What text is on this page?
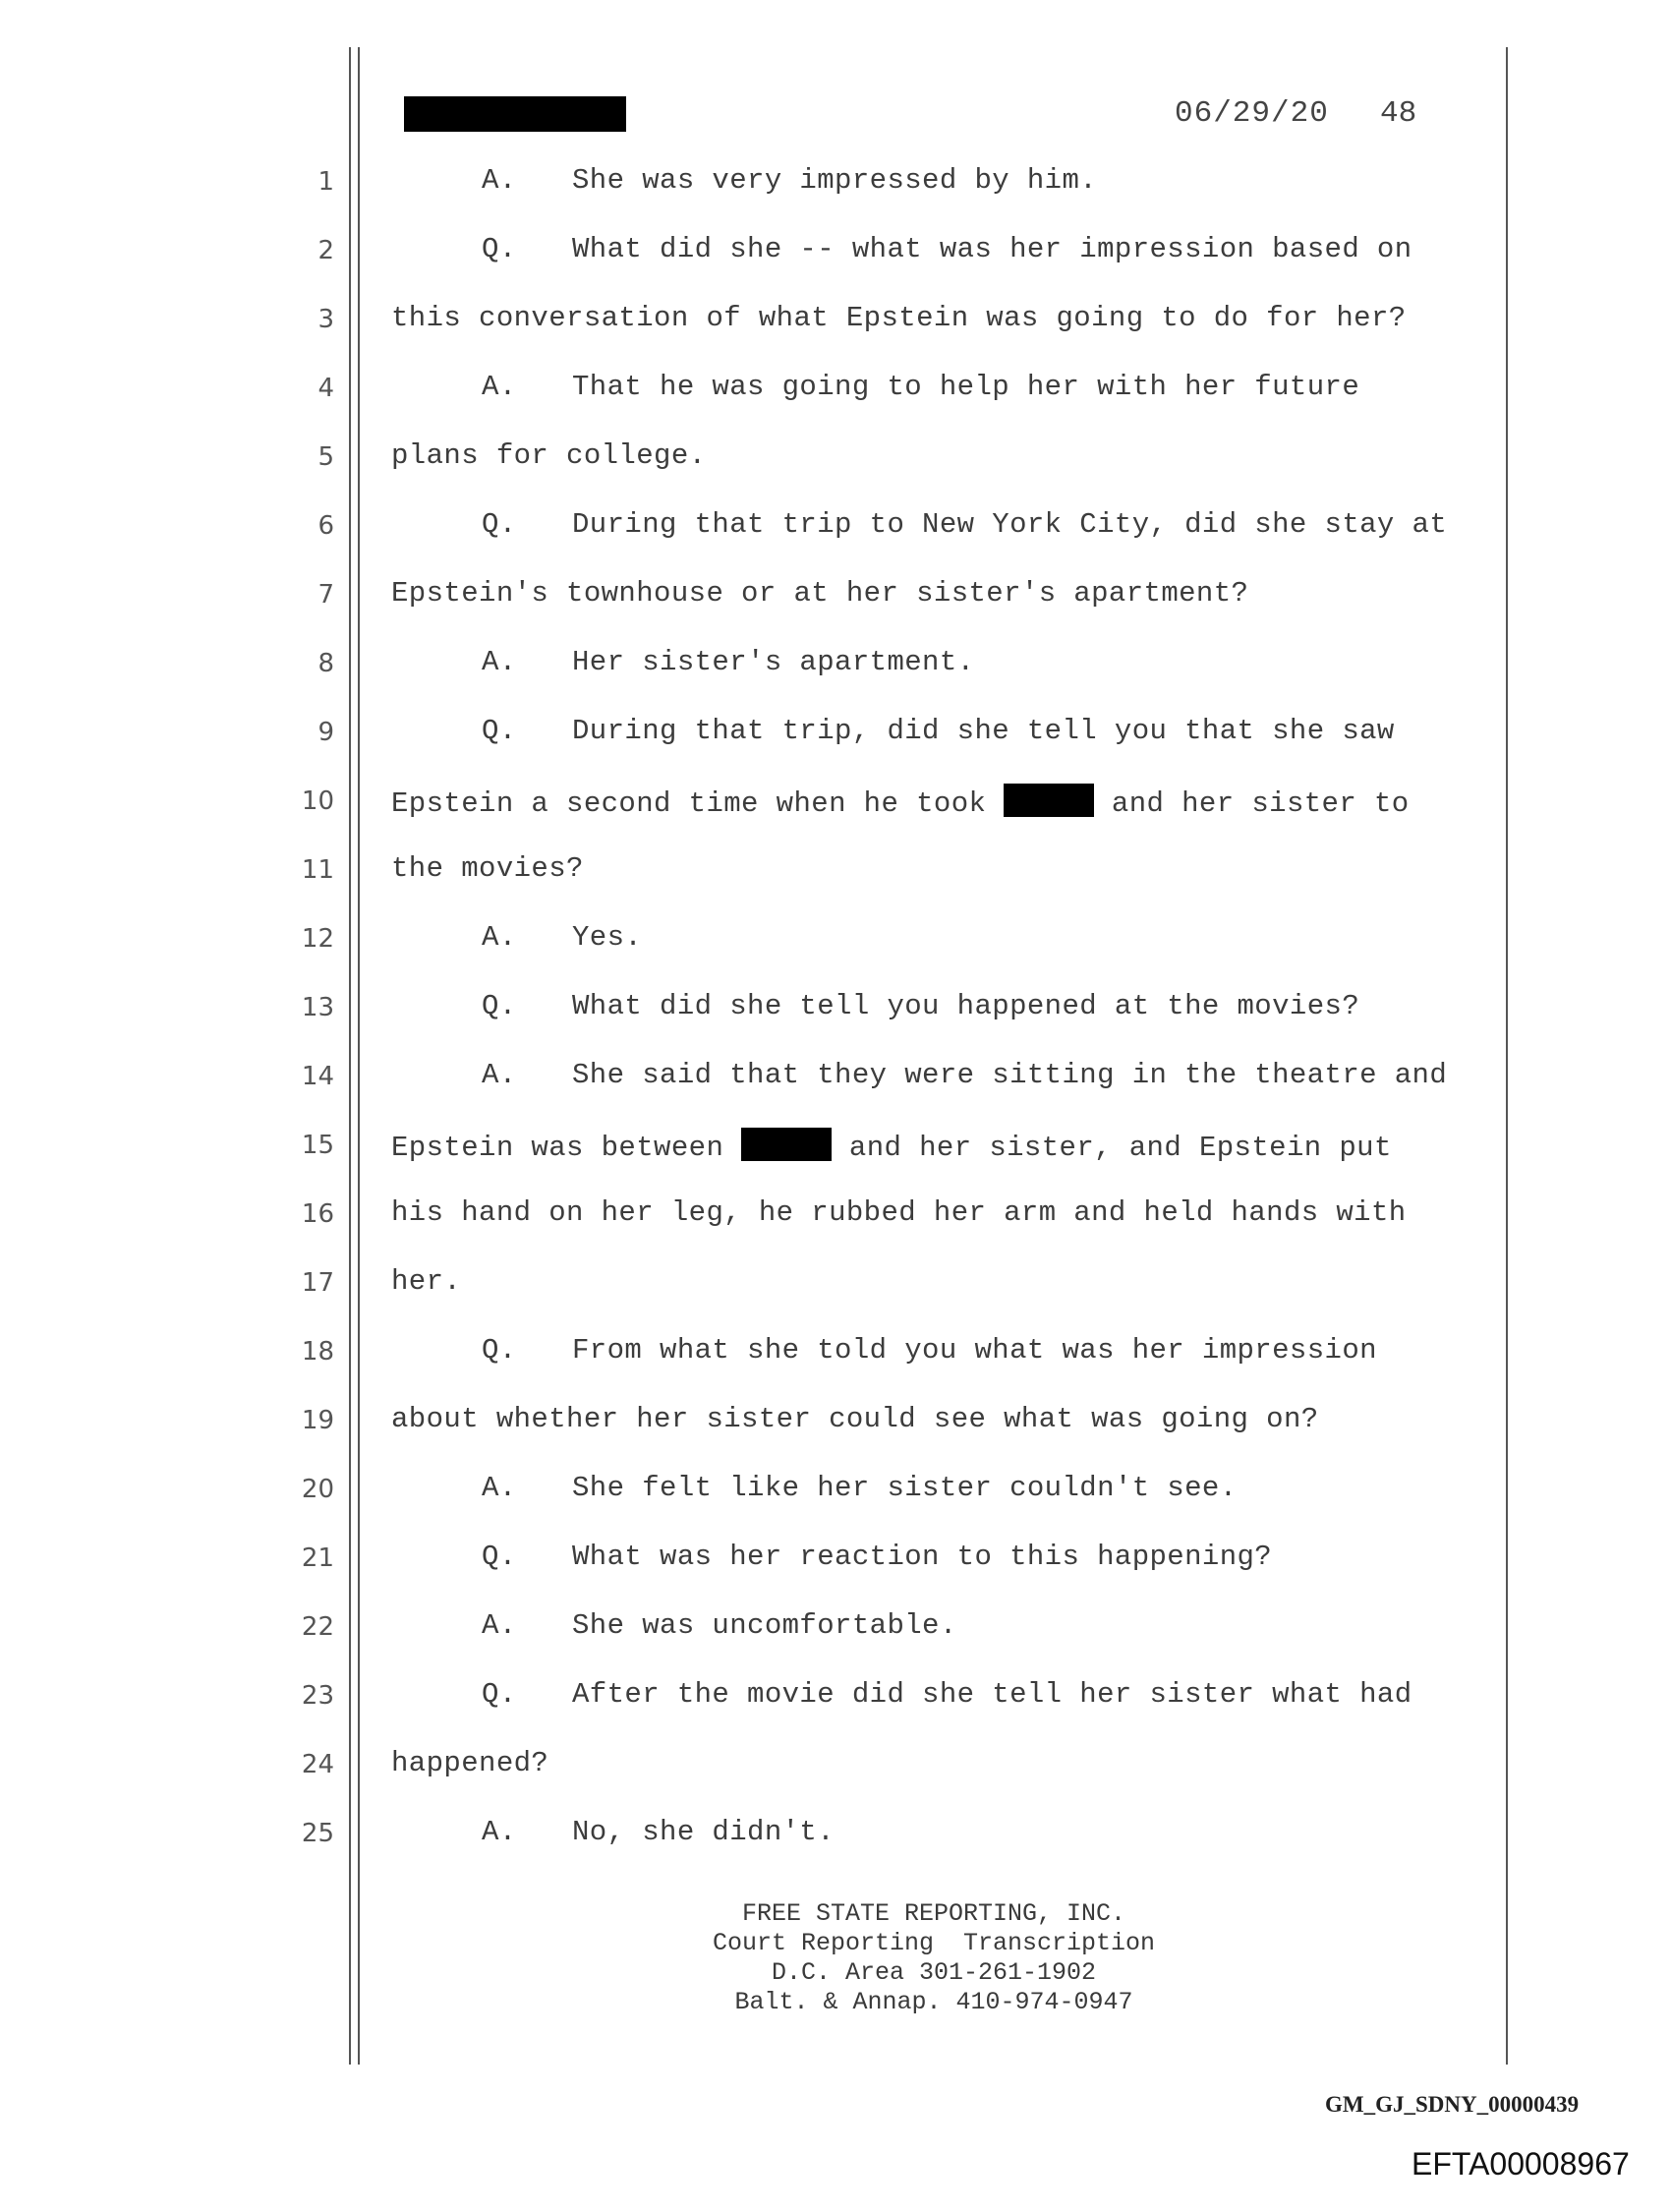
06/29/20 48
1
2
3
4
5
6
7
8
9
10
11
12
13
14
15
16
17
18
19
20
21
22
23
24
25
A. She was very impressed by him.
Q. What did she -- what was her impression based on
this conversation of what Epstein was going to do for her?
A. That he was going to help her with her future
plans for college.
Q. During that trip to New York City, did she stay at
Epstein's townhouse or at her sister's apartment?
A. Her sister's apartment.
Q. During that trip, did she tell you that she saw
Epstein a second time when he took	and her sister to
the movies?
A. Yes.
Q. What did she tell you happened at the movies?
A. She said that they were sitting in the theatre and
Epstein was between	and her sister, and Epstein put
his hand on her leg, he rubbed her arm and held hands with
her.
Q. From what she told you what was her impression
about whether her sister could see what was going on?
A. She felt like her sister couldn't see.
Q. What was her reaction to this happening?
A. She was uncomfortable.
Q. After the movie did she tell her sister what had
happened?
A. No, she didn't.
FREE STATE REPORTING, INC.
Court Reporting  Transcription
D.C. Area 301-261-1902
Balt. & Annap. 410-974-0947
GM_GJ_SDNY_00000439
EFTA00008967
